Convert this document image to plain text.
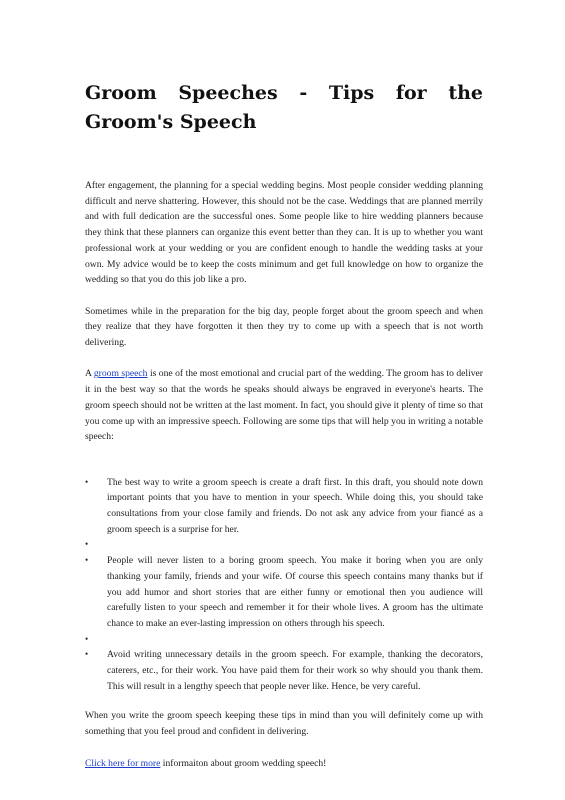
Groom Speeches - Tips for the Groom's Speech

After engagement, the planning for a special wedding begins. Most people consider wedding planning difficult and nerve shattering. However, this should not be the case. Weddings that are planned merrily and with full dedication are the successful ones. Some people like to hire wedding planners because they think that these planners can organize this event better than they can. It is up to whether you want professional work at your wedding or you are confident enough to handle the wedding tasks at your own. My advice would be to keep the costs minimum and get full knowledge on how to organize the wedding so that you do this job like a pro.

Sometimes while in the preparation for the big day, people forget about the groom speech and when they realize that they have forgotten it then they try to come up with a speech that is not worth delivering.

A groom speech is one of the most emotional and crucial part of the wedding. The groom has to deliver it in the best way so that the words he speaks should always be engraved in everyone's hearts. The groom speech should not be written at the last moment. In fact, you should give it plenty of time so that you come up with an impressive speech. Following are some tips that will help you in writing a notable speech:

•	The best way to write a groom speech is create a draft first. In this draft, you should note down important points that you have to mention in your speech. While doing this, you should take consultations from your close family and friends. Do not ask any advice from your fiancé as a groom speech is a surprise for her.
•
•	People will never listen to a boring groom speech. You make it boring when you are only thanking your family, friends and your wife. Of course this speech contains many thanks but if you add humor and short stories that are either funny or emotional then you audience will carefully listen to your speech and remember it for their whole lives. A groom has the ultimate chance to make an ever-lasting impression on others through his speech.
•
•	Avoid writing unnecessary details in the groom speech. For example, thanking the decorators, caterers, etc., for their work. You have paid them for their work so why should you thank them. This will result in a lengthy speech that people never like. Hence, be very careful.

When you write the groom speech keeping these tips in mind than you will definitely come up with something that you feel proud and confident in delivering.

Click here for more informaiton about groom wedding speech!
